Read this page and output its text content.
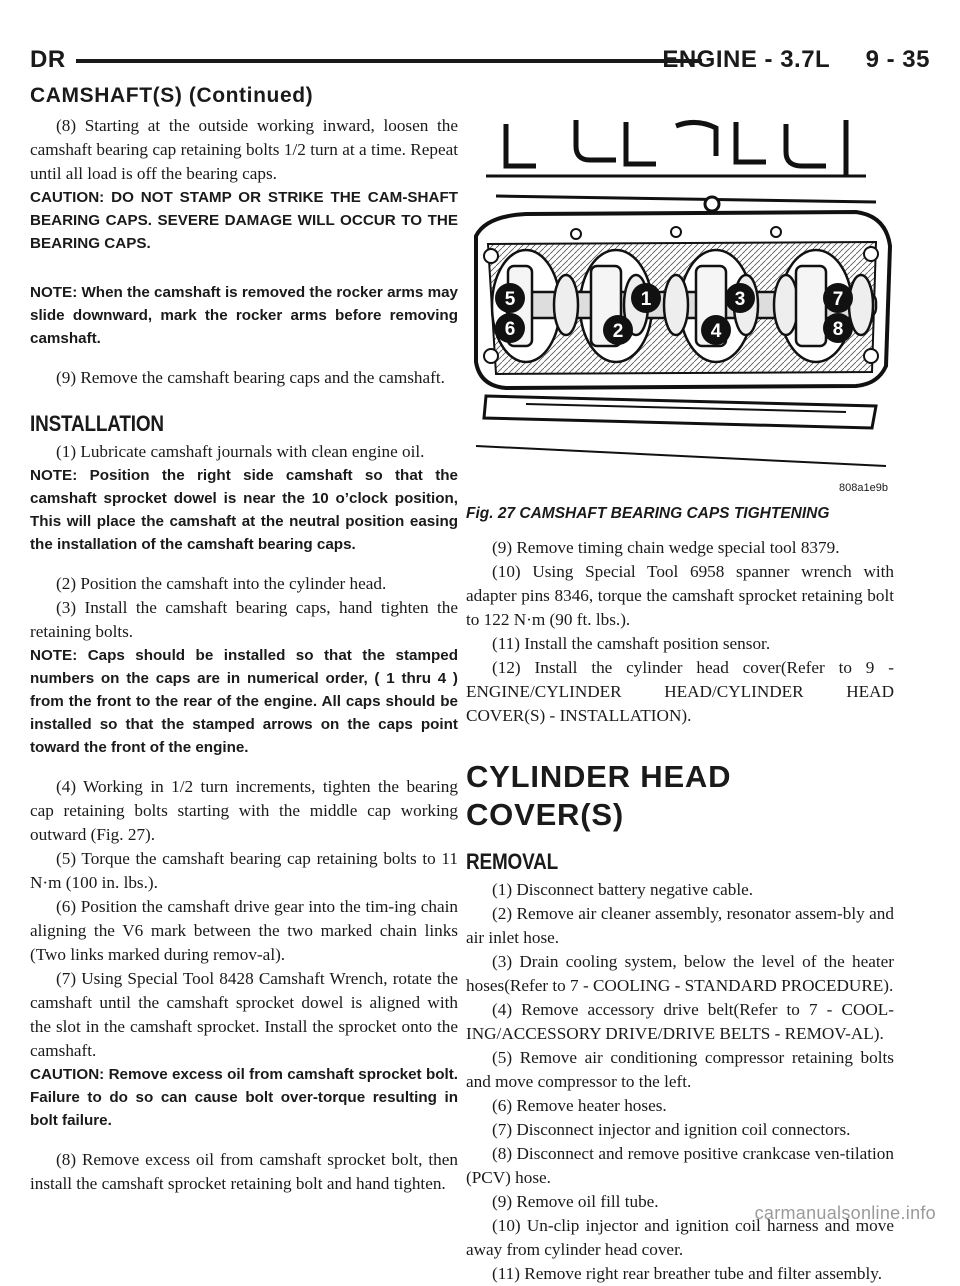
DR	ENGINE - 3.7L     9 - 35
CAMSHAFT(S) (Continued)

(8) Starting at the outside working inward, loosen the camshaft bearing cap retaining bolts 1/2 turn at a time. Repeat until all load is off the bearing caps.

CAUTION: DO NOT STAMP OR STRIKE THE CAM-SHAFT BEARING CAPS. SEVERE DAMAGE WILL OCCUR TO THE BEARING CAPS.

NOTE: When the camshaft is removed the rocker arms may slide downward, mark the rocker arms before removing camshaft.

(9) Remove the camshaft bearing caps and the camshaft.

INSTALLATION

(1) Lubricate camshaft journals with clean engine oil.

NOTE: Position the right side camshaft so that the camshaft sprocket dowel is near the 10 o’clock position, This will place the camshaft at the neutral position easing the installation of the camshaft bearing caps.

(2) Position the camshaft into the cylinder head.

(3) Install the camshaft bearing caps, hand tighten the retaining bolts.

NOTE: Caps should be installed so that the stamped numbers on the caps are in numerical order, ( 1 thru 4 ) from the front to the rear of the engine. All caps should be installed so that the stamped arrows on the caps point toward the front of the engine.

(4) Working in 1/2 turn increments, tighten the bearing cap retaining bolts starting with the middle cap working outward (Fig. 27).

(5) Torque the camshaft bearing cap retaining bolts to 11 N·m (100 in. lbs.).

(6) Position the camshaft drive gear into the tim-ing chain aligning the V6 mark between the two marked chain links (Two links marked during remov-al).

(7) Using Special Tool 8428 Camshaft Wrench, rotate the camshaft until the camshaft sprocket dowel is aligned with the slot in the camshaft sprocket. Install the sprocket onto the camshaft.

CAUTION: Remove excess oil from camshaft sprocket bolt. Failure to do so can cause bolt over-torque resulting in bolt failure.

(8) Remove excess oil from camshaft sprocket bolt, then install the camshaft sprocket retaining bolt and hand tighten.

5	1	3	7
6	2	4	8
808a1e9b
Fig. 27 CAMSHAFT BEARING CAPS TIGHTENING

(9) Remove timing chain wedge special tool 8379.

(10) Using Special Tool 6958 spanner wrench with adapter pins 8346, torque the camshaft sprocket retaining bolt to 122 N·m (90 ft. lbs.).

(11) Install the camshaft position sensor.

(12) Install the cylinder head cover(Refer to 9 - ENGINE/CYLINDER HEAD/CYLINDER HEAD COVER(S) - INSTALLATION).

CYLINDER HEAD COVER(S)

REMOVAL

(1) Disconnect battery negative cable.

(2) Remove air cleaner assembly, resonator assem-bly and air inlet hose.

(3) Drain cooling system, below the level of the heater hoses(Refer to 7 - COOLING - STANDARD PROCEDURE).

(4) Remove accessory drive belt(Refer to 7 - COOL-ING/ACCESSORY DRIVE/DRIVE BELTS - REMOV-AL).

(5) Remove air conditioning compressor retaining bolts and move compressor to the left.

(6) Remove heater hoses.

(7) Disconnect injector and ignition coil connectors.

(8) Disconnect and remove positive crankcase ven-tilation (PCV) hose.

(9) Remove oil fill tube.

(10) Un-clip injector and ignition coil harness and move away from cylinder head cover.

(11) Remove right rear breather tube and filter assembly.

carmanualsonline.info
